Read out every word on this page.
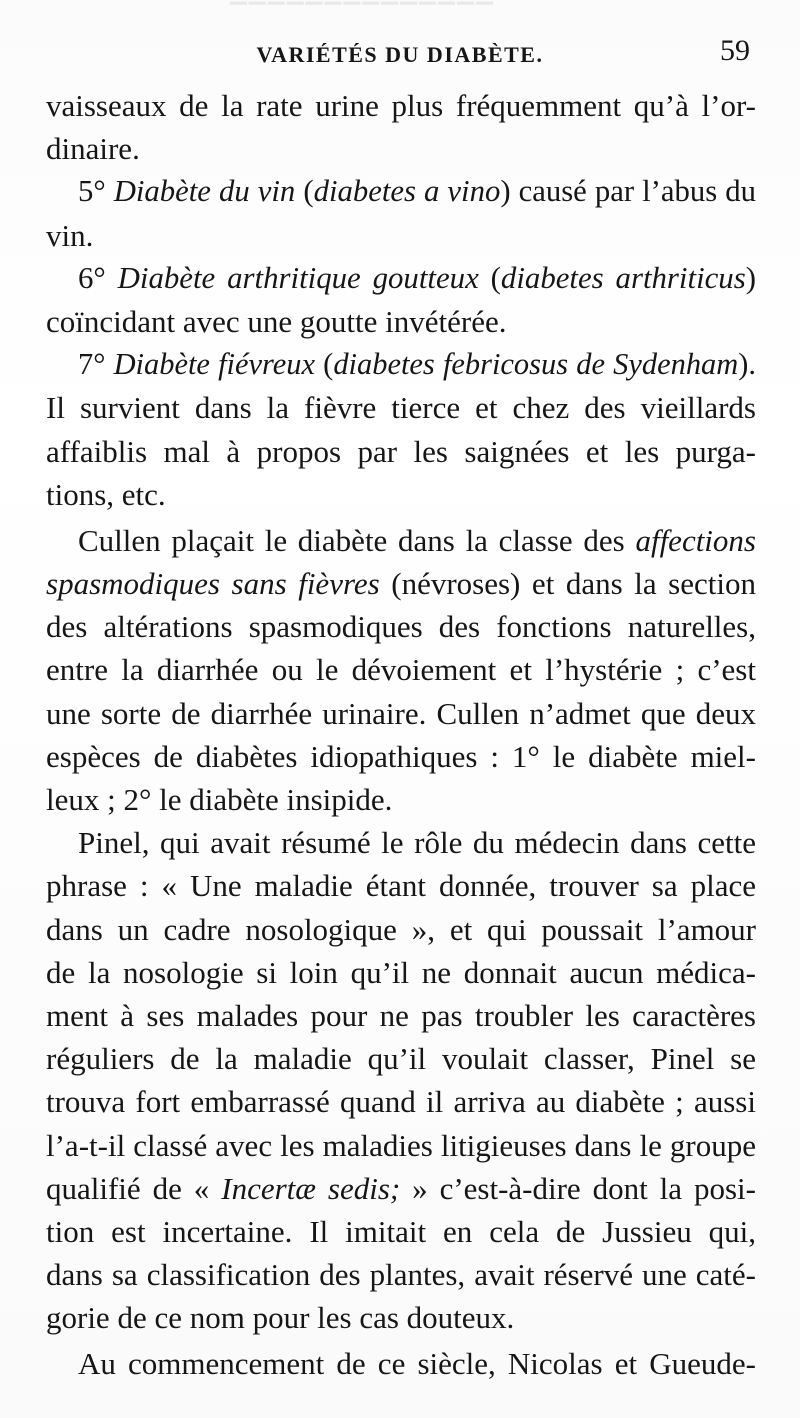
▔▔▔▔▔▔▔▔▔▔▔▔▔▔
VARIÉTÉS DU DIABÈTE.	59
vaisseaux de la rate urine plus fréquemment qu’à l’or-
dinaire.
5° Diabète du vin (diabetes a vino) causé par l’abus du
vin.
6° Diabète arthritique goutteux (diabetes arthriticus)
coïncidant avec une goutte invétérée.
7° Diabète fiévreux (diabetes febricosus de Sydenham).
Il survient dans la fièvre tierce et chez des vieillards
affaiblis mal à propos par les saignées et les purga-
tions, etc.
Cullen plaçait le diabète dans la classe des affections
spasmodiques sans fièvres (névroses) et dans la section
des altérations spasmodiques des fonctions naturelles,
entre la diarrhée ou le dévoiement et l’hystérie ; c’est
une sorte de diarrhée urinaire. Cullen n’admet que deux
espèces de diabètes idiopathiques : 1° le diabète miel-
leux ; 2° le diabète insipide.
Pinel, qui avait résumé le rôle du médecin dans cette
phrase : « Une maladie étant donnée, trouver sa place
dans un cadre nosologique », et qui poussait l’amour
de la nosologie si loin qu’il ne donnait aucun médica-
ment à ses malades pour ne pas troubler les caractères
réguliers de la maladie qu’il voulait classer, Pinel se
trouva fort embarrassé quand il arriva au diabète ; aussi
l’a-t-il classé avec les maladies litigieuses dans le groupe
qualifié de « Incertæ sedis; » c’est-à-dire dont la posi-
tion est incertaine. Il imitait en cela de Jussieu qui,
dans sa classification des plantes, avait réservé une caté-
gorie de ce nom pour les cas douteux.
Au commencement de ce siècle, Nicolas et Gueude-
